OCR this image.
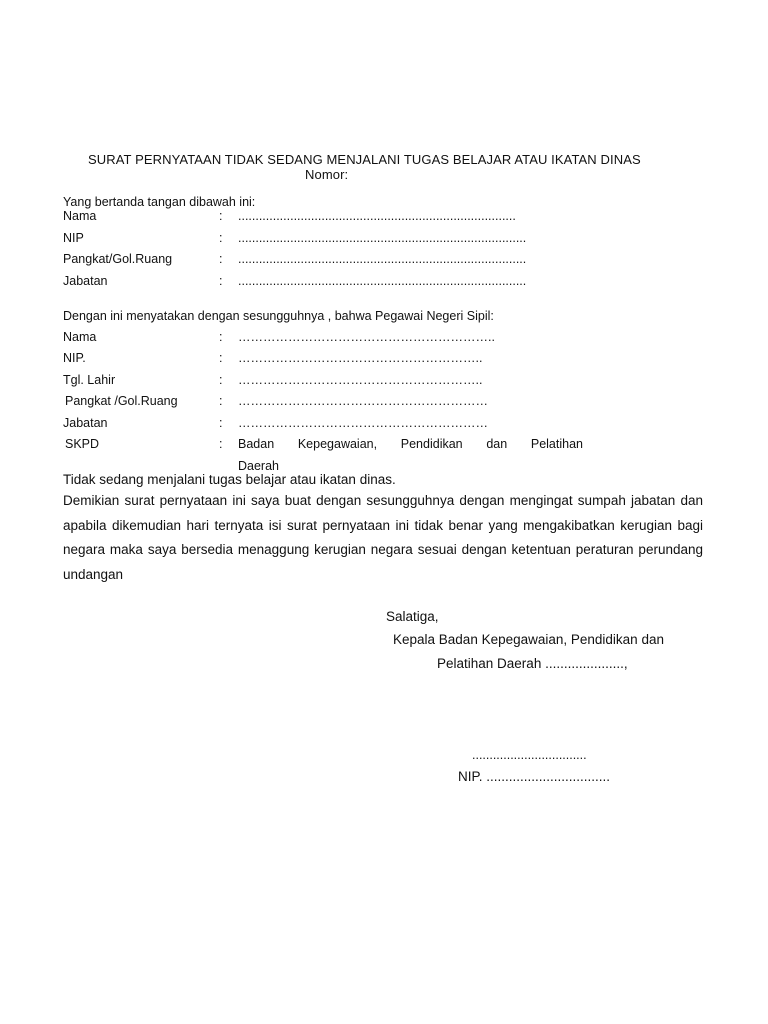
SURAT PERNYATAAN TIDAK SEDANG MENJALANI TUGAS BELAJAR ATAU IKATAN DINAS
Nomor:
Yang bertanda tangan dibawah ini:
Nama	: ................................................................................
NIP	: ...................................................................................
Pangkat/Gol.Ruang	: ...................................................................................
Jabatan	: ...................................................................................
Dengan ini menyatakan dengan sesungguhnya , bahwa Pegawai Negeri Sipil:
Nama	: ……………………………………………………..
NIP.	: …………………………………………………..
Tgl. Lahir	: …………………………………………………..
Pangkat /Gol.Ruang	: ……………………………………………………
Jabatan	: ……………………………………………………
SKPD	: Badan Kepegawaian, Pendidikan dan Pelatihan
Daerah
Tidak sedang menjalani tugas belajar atau ikatan dinas.
Demikian surat pernyataan ini saya buat dengan sesungguhnya dengan mengingat sumpah jabatan dan apabila dikemudian hari ternyata isi surat pernyataan ini tidak benar yang mengakibatkan kerugian bagi negara maka saya bersedia menaggung kerugian negara sesuai dengan ketentuan peraturan perundang undangan
Salatiga,
Kepala Badan Kepegawaian, Pendidikan dan
Pelatihan Daerah .....................,
.................................
NIP. .................................
